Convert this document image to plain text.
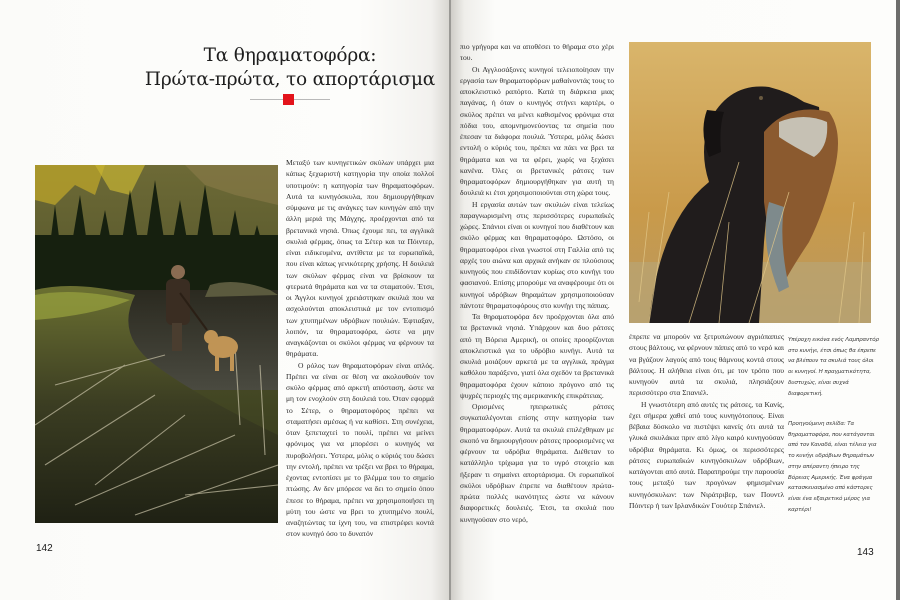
Τα θηραματοφόρα:
Πρώτα-πρώτα, το απορτάρισμα

Μεταξύ των κυνηγετικών σκύλων υπάρχει μια κάπως ξεχωριστή κατηγορία την οποία πολλοί υποτιμούν: η κατηγορία των θηραματοφόρων. Αυτά τα κυνηγόσκυλα, που δημιουργήθηκαν σύμφωνα με τις ανάγκες των κυνηγών από την άλλη μεριά της Μάγχης, προέρχονται από τα βρετανικά νησιά. Όπως έχουμε πει, τα αγγλικά σκυλιά φέρμας, όπως τα Σέτερ και τα Πόιντερ, είναι ειδικευμένα, αντίθετα με τα ευρωπαϊκά, που είναι κάπως γενικότερης χρήσης. Η δουλειά των σκύλων φέρμας είναι να βρίσκουν τα φτερωτά θηράματα και να τα σταματούν. Έτσι, οι Άγγλοι κυνηγοί χρειάστηκαν σκυλιά που να ασχολούνται αποκλειστικά με τον εντοπισμό των χτυπημένων υδρόβιων πουλιών. Έφτιαξαν, λοιπόν, τα θηραματοφόρα, ώστε να μην αναγκάζονται οι σκύλοι φέρμας να φέρνουν τα θηράματα.

Ο ρόλος των θηραματοφόρων είναι απλός. Πρέπει να είναι σε θέση να ακολουθούν τον σκύλο φέρμας από αρκετή απόσταση, ώστε να μη τον ενοχλούν στη δουλειά του. Όταν εφορμά το Σέτερ, ο θηραματοφόρος πρέπει να σταματήσει αμέσως ή να καθίσει. Στη συνέχεια, όταν ξεπεταχτεί το πουλί, πρέπει να μείνει φρόνιμος για να μπορέσει ο κυνηγός να πυροβολήσει. Ύστερα, μόλις ο κύριός του δώσει την εντολή, πρέπει να τρέξει να βρει το θήραμα, έχοντας εντοπίσει με το βλέμμα του το σημείο πτώσης. Αν δεν μπόρεσε να δει το σημείο όπου έπεσε το θήραμα, πρέπει να χρησιμοποιήσει τη μύτη του ώστε να βρει το χτυπημένο πουλί, αναζητώντας τα ίχνη του, να επιστρέφει κοντά στον κυνηγό όσο το δυνατόν

142

πιο γρήγορα και να αποθέσει το θήραμα στο χέρι του.

Οι Αγγλοσάξονες κυνηγοί τελειοποίησαν την εργασία των θηραματοφόρων μαθαίνοντάς τους το αποκλειστικό ραπόρτο. Κατά τη διάρκεια μιας παγάνας, ή όταν ο κυνηγός στήνει καρτέρι, ο σκύλος πρέπει να μένει καθισμένος φρόνιμα στα πόδια του, απομνημονεύοντας τα σημεία που έπεσαν τα διάφορα πουλιά. Ύστερα, μόλις δώσει εντολή ο κύριός του, πρέπει να πάει να βρει τα θηράματα και να τα φέρει, χωρίς να ξεχάσει κανένα. Όλες οι βρετανικές ράτσες των θηραματοφόρων δημιουργήθηκαν για αυτή τη δουλειά κι έτσι χρησιμοποιούνται στη χώρα τους.

Η εργασία αυτών των σκυλιών είναι τελείως παραγνωρισμένη στις περισσότερες ευρωπαϊκές χώρες. Σπάνιοι είναι οι κυνηγοί που διαθέτουν και σκύλο φέρμας και θηραματοφόρο. Ωστόσο, οι θηραματοφόροι είναι γνωστοί στη Γαλλία από τις αρχές του αιώνα και αρχικά ανήκαν σε πλούσιους κυνηγούς που επιδίδονταν κυρίως στο κυνήγι του φασιανού. Επίσης μπορούμε να αναφέρουμε ότι οι κυνηγοί υδρόβιων θηραμάτων χρησιμοποιούσαν πάντοτε θηραματοφόρους στο κυνήγι της πάπιας.

Τα θηραματοφόρα δεν προέρχονται όλα από τα βρετανικά νησιά. Υπάρχουν και δυο ράτσες από τη Βόρεια Αμερική, οι οποίες προορίζονται αποκλειστικά για το υδρόβιο κυνήγι. Αυτά τα σκυλιά μοιάζουν αρκετά με τα αγγλικά, πράγμα καθόλου παράξενο, γιατί όλα σχεδόν τα βρετανικά θηραματοφόρα έχουν κάποιο πρόγονο από τις ψυχρές περιοχές της αμερικανικής επικράτειας.

Ορισμένες ηπειρωτικές ράτσες συγκαταλέγονται επίσης στην κατηγορία των θηραματοφόρων. Αυτά τα σκυλιά επιλέχθηκαν με σκοπό να δημιουργήσουν ράτσες προορισμένες να φέρνουν τα υδρόβια θηράματα. Διέθεταν το κατάλληλο τρίχωμα για το υγρό στοιχείο και ήξεραν τι σημαίνει απορτάρισμα. Οι ευρωπαϊκοί σκύλοι υδρόβιων έπρεπε να διαθέτουν πρώτα-πρώτα πολλές ικανότητες ώστε να κάνουν διαφορετικές δουλειές. Έτσι, τα σκυλιά που κυνηγούσαν στο νερό,

έπρεπε να μπορούν να ξετρυπώνουν αγριόπαπιες στους βάλτους, να φέρνουν πάπιες από το νερό και να βγάζουν λαγούς από τους θάμνους κοντά στους βάλτους. Η αλήθεια είναι ότι, με τον τρόπο που κυνηγούν αυτά τα σκυλιά, πλησιάζουν περισσότερο στα Σπανιέλ.

Η γνωστότερη από αυτές τις ράτσες, τα Κανίς, έχει σήμερα χαθεί από τους κυνηγότοπους. Είναι βέβαια δύσκολο να πιστέψει κανείς ότι αυτά τα γλυκά σκυλάκια πριν από λίγο καιρό κυνηγούσαν υδρόβια θηράματα. Κι όμως, οι περισσότερες ράτσες ευρωπαϊκών κυνηγόσκυλων υδρόβιων, κατάγονται από αυτά. Παρατηρούμε την παρουσία τους μεταξύ των προγόνων φημισμένων κυνηγόσκυλων: των Νιράτριβερ, των Πουντλ Πόιντερ ή των Ιρλανδικών Γουότερ Σπάνιελ.

Υπέροχη εικόνα ενός Λαμπραντόρ στο κυνήγι, έτσι όπως θα έπρεπε να βλέπουν τα σκυλιά τους όλοι οι κυνηγοί. Η πραγματικότητα, δυστυχώς, είναι συχνά διαφορετική.
Προηγούμενη σελίδα: Τα θηραματοφόρα, που κατάγονται από τον Καναδά, είναι τέλεια για το κυνήγι υδρόβιων θηραμάτων στην απέραντη ήπειρο της Βόρειας Αμερικής. Ένα φράγμα κατασκευασμένο από κάστορες είναι ένα εξαιρετικό μέρος για καρτέρι!
143
